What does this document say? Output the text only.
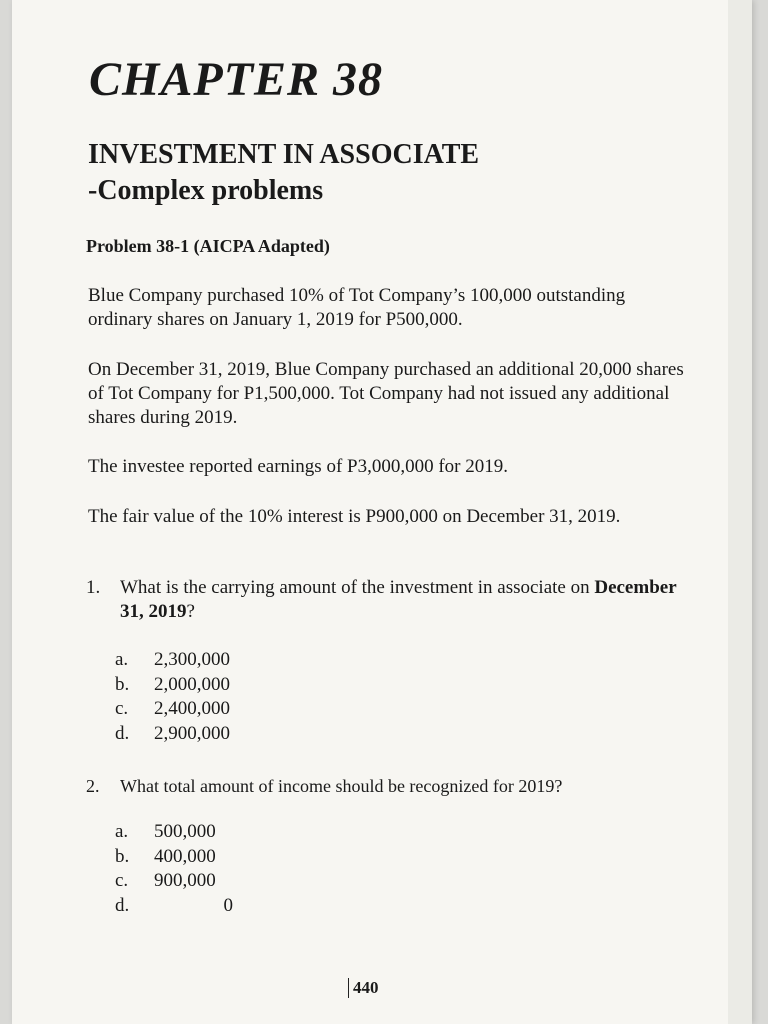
CHAPTER 38
INVESTMENT IN ASSOCIATE
-Complex problems
Problem 38-1 (AICPA Adapted)

Blue Company purchased 10% of Tot Company’s 100,000 outstanding ordinary shares on January 1, 2019 for P500,000.

On December 31, 2019, Blue Company purchased an additional 20,000 shares of Tot Company for P1,500,000. Tot Company had not issued any additional shares during 2019.

The investee reported earnings of P3,000,000 for 2019.

The fair value of the 10% interest is P900,000 on December 31, 2019.

1. What is the carrying amount of the investment in associate on December 31, 2019?
a. 2,300,000
b. 2,000,000
c. 2,400,000
d. 2,900,000
2. What total amount of income should be recognized for 2019?
a. 500,000
b. 400,000
c. 900,000
d.	0
440
